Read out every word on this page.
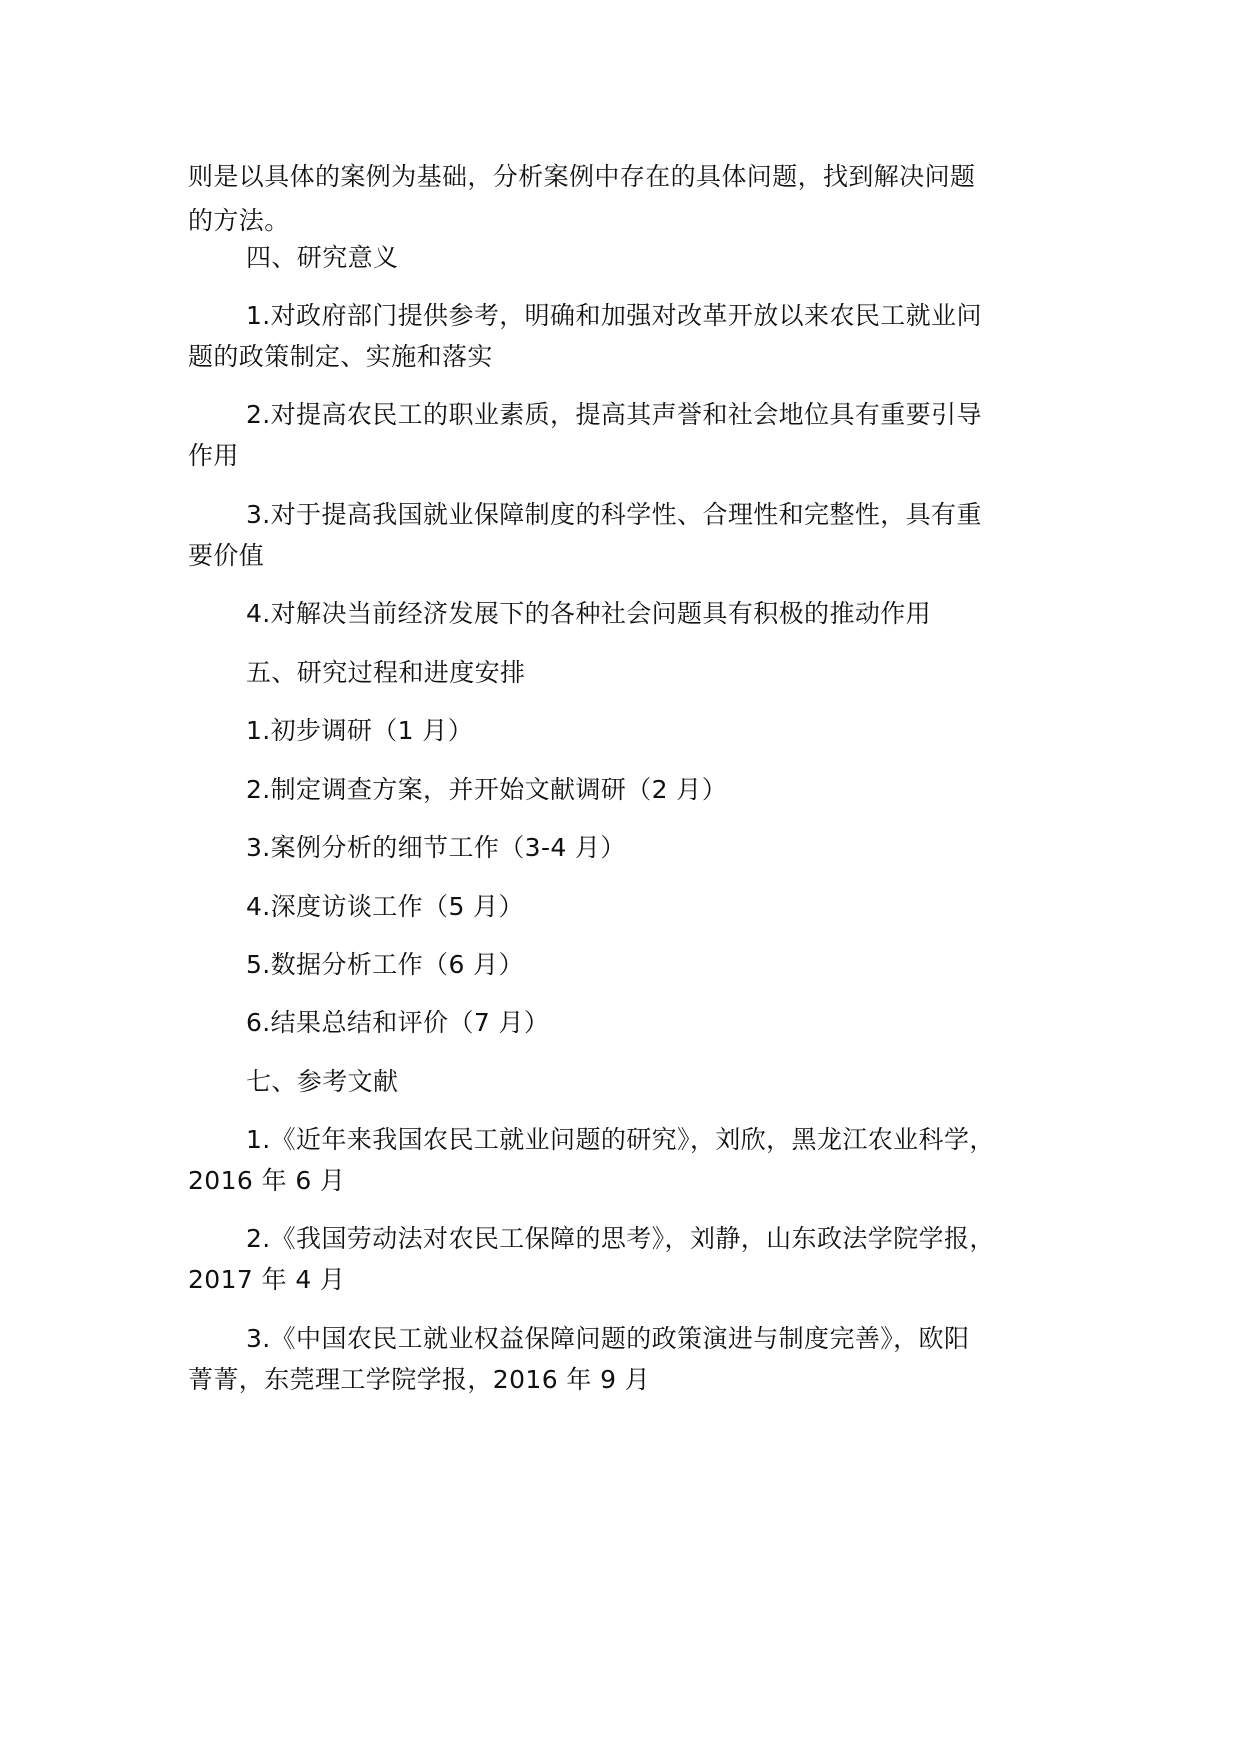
则是以具体的案例为基础，分析案例中存在的具体问题，找到解决问题
的方法。
四、研究意义
1.对政府部门提供参考，明确和加强对改革开放以来农民工就业问
题的政策制定、实施和落实
2.对提高农民工的职业素质，提高其声誉和社会地位具有重要引导
作用
3.对于提高我国就业保障制度的科学性、合理性和完整性，具有重
要价值
4.对解决当前经济发展下的各种社会问题具有积极的推动作用
五、研究过程和进度安排
1.初步调研（1 月）
2.制定调查方案，并开始文献调研（2 月）
3.案例分析的细节工作（3-4 月）
4.深度访谈工作（5 月）
5.数据分析工作（6 月）
6.结果总结和评价（7 月）
七、参考文献
1.《近年来我国农民工就业问题的研究》，刘欣，黑龙江农业科学，
2016 年 6 月
2.《我国劳动法对农民工保障的思考》，刘静，山东政法学院学报，
2017 年 4 月
3.《中国农民工就业权益保障问题的政策演进与制度完善》，欧阳
菁菁，东莞理工学院学报，2016 年 9 月
